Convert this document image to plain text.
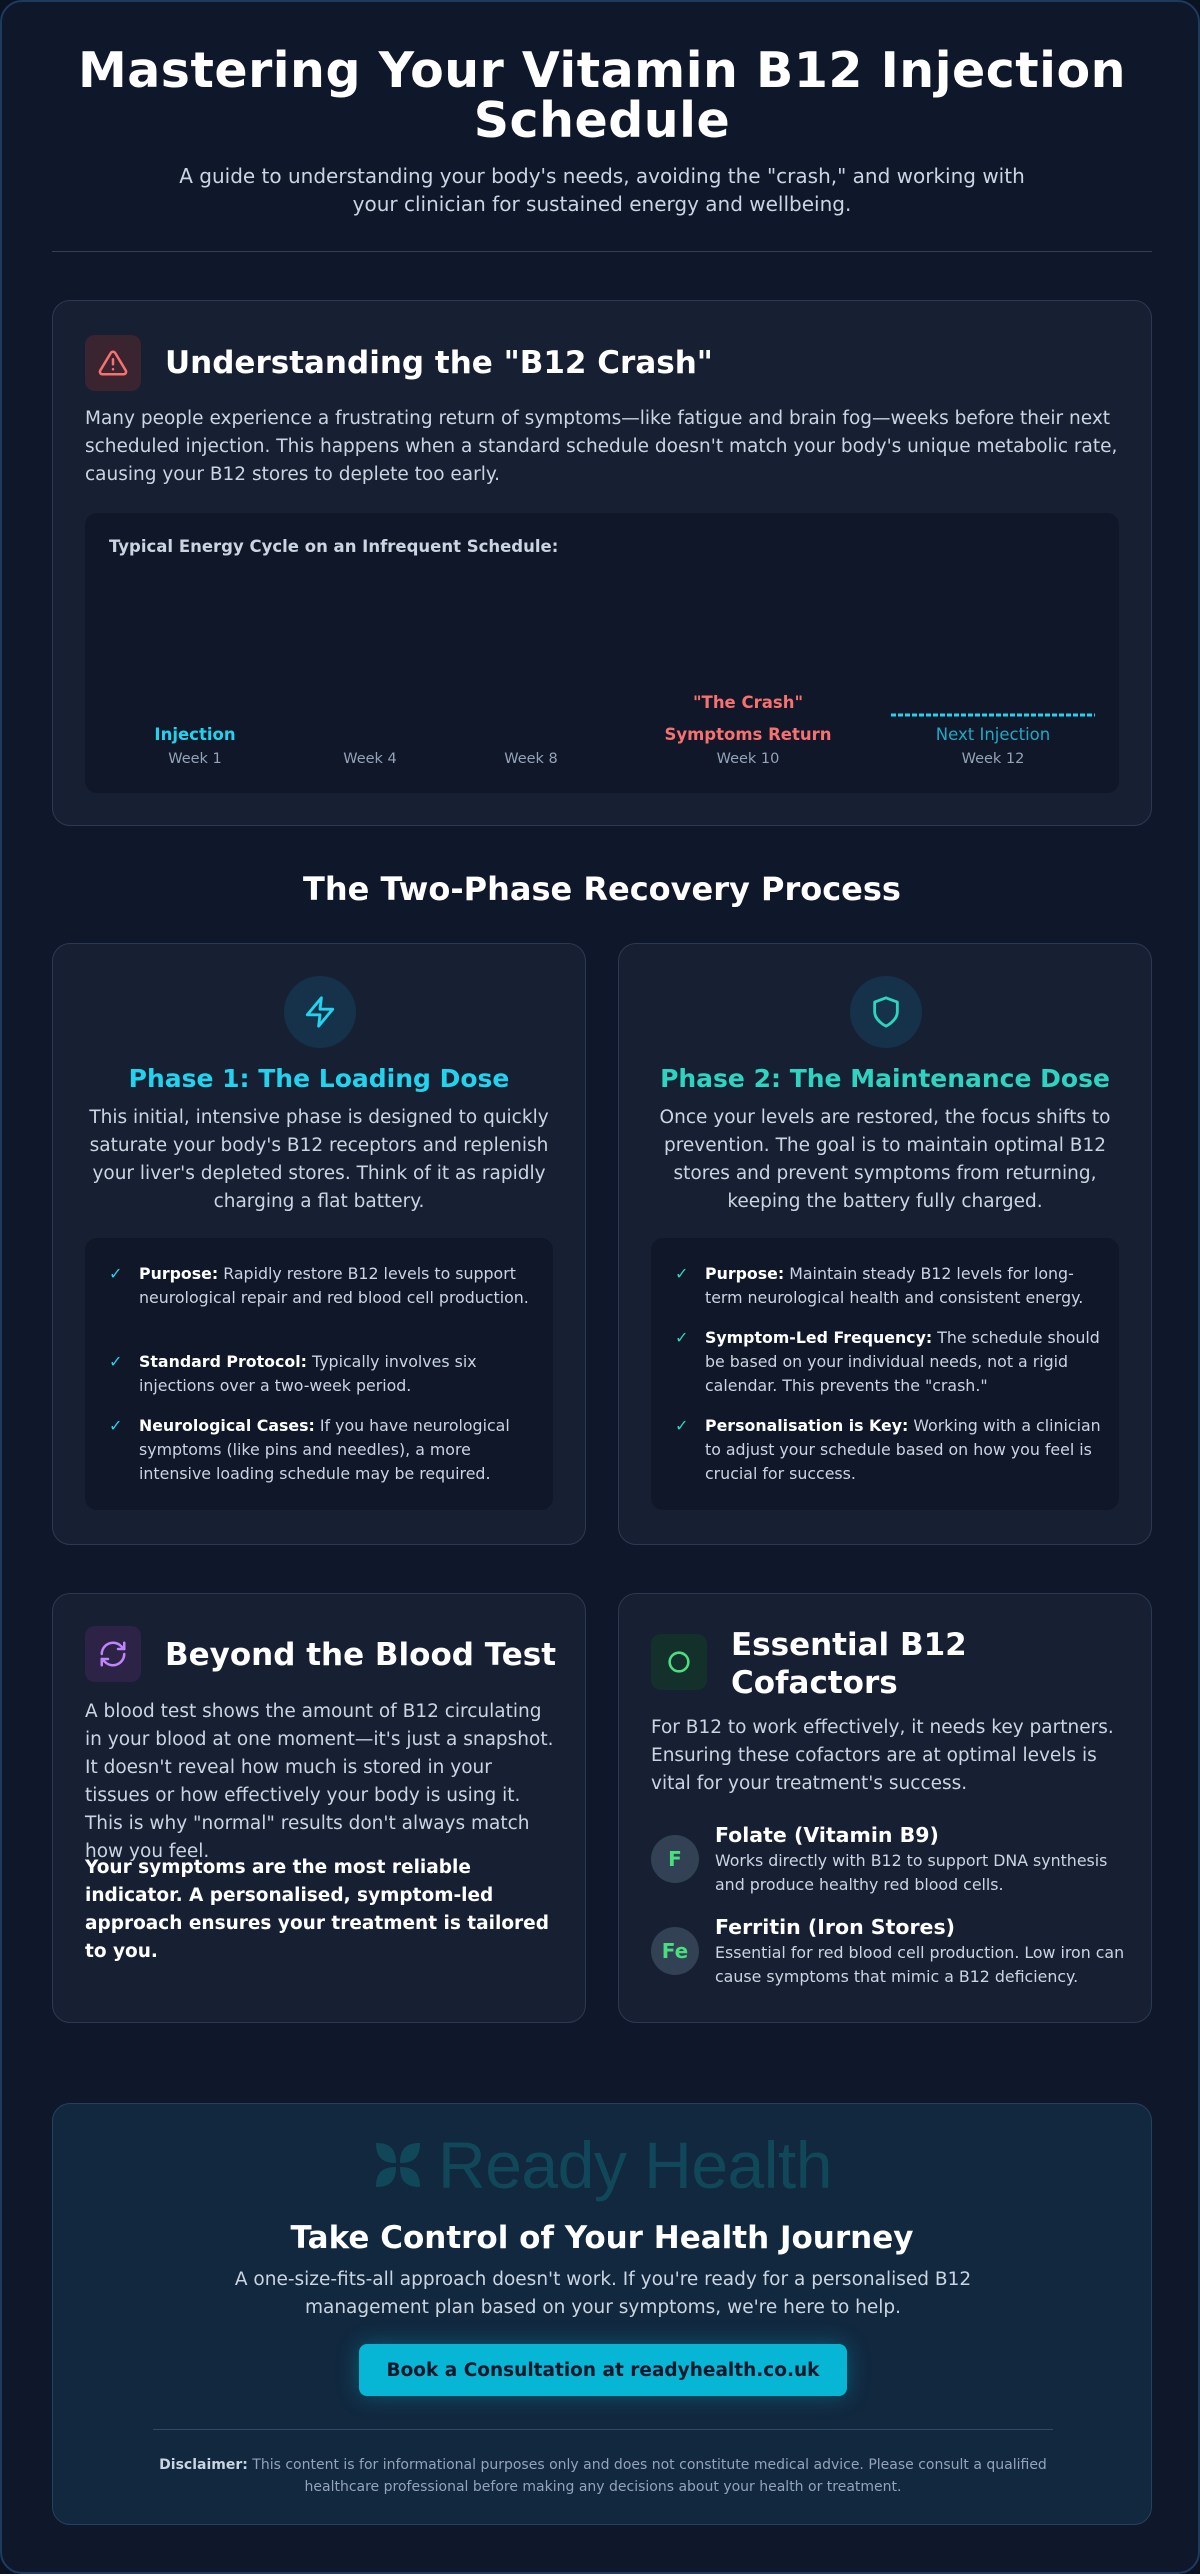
Mastering Your Vitamin B12 Injection Schedule

A guide to understanding your body's needs, avoiding the "crash," and working with your clinician for sustained energy and wellbeing.

Understanding the "B12 Crash"

Many people experience a frustrating return of symptoms—like fatigue and brain fog—weeks before their next scheduled injection. This happens when a standard schedule doesn't match your body's unique metabolic rate, causing your B12 stores to deplete too early.

Typical Energy Cycle on an Infrequent Schedule:
Injection
Week 1	Week 4	Week 8
"The Crash"
Symptoms Return
Week 10
Next Injection
Week 12
The Two-Phase Recovery Process
Phase 1: The Loading Dose

This initial, intensive phase is designed to quickly saturate your body's B12 receptors and replenish your liver's depleted stores. Think of it as rapidly charging a flat battery.

✓ Purpose: Rapidly restore B12 levels to support neurological repair and red blood cell production.
✓ Standard Protocol: Typically involves six injections over a two-week period.
✓ Neurological Cases: If you have neurological symptoms (like pins and needles), a more intensive loading schedule may be required.
Phase 2: The Maintenance Dose

Once your levels are restored, the focus shifts to prevention. The goal is to maintain optimal B12 stores and prevent symptoms from returning, keeping the battery fully charged.

✓ Purpose: Maintain steady B12 levels for long-term neurological health and consistent energy.
✓ Symptom-Led Frequency: The schedule should be based on your individual needs, not a rigid calendar. This prevents the "crash."
✓ Personalisation is Key: Working with a clinician to adjust your schedule based on how you feel is crucial for success.
Beyond the Blood Test

A blood test shows the amount of B12 circulating in your blood at one moment—it's just a snapshot. It doesn't reveal how much is stored in your tissues or how effectively your body is using it. This is why "normal" results don't always match how you feel.

Your symptoms are the most reliable indicator. A personalised, symptom-led approach ensures your treatment is tailored to you.

Essential B12 Cofactors

For B12 to work effectively, it needs key partners. Ensuring these cofactors are at optimal levels is vital for your treatment's success.

F
Folate (Vitamin B9)
Works directly with B12 to support DNA synthesis and produce healthy red blood cells.
Fe
Ferritin (Iron Stores)
Essential for red blood cell production. Low iron can cause symptoms that mimic a B12 deficiency.
Ready Health
Take Control of Your Health Journey

A one-size-fits-all approach doesn't work. If you're ready for a personalised B12 management plan based on your symptoms, we're here to help.

Book a Consultation at readyhealth.co.uk

Disclaimer: This content is for informational purposes only and does not constitute medical advice. Please consult a qualified healthcare professional before making any decisions about your health or treatment.
